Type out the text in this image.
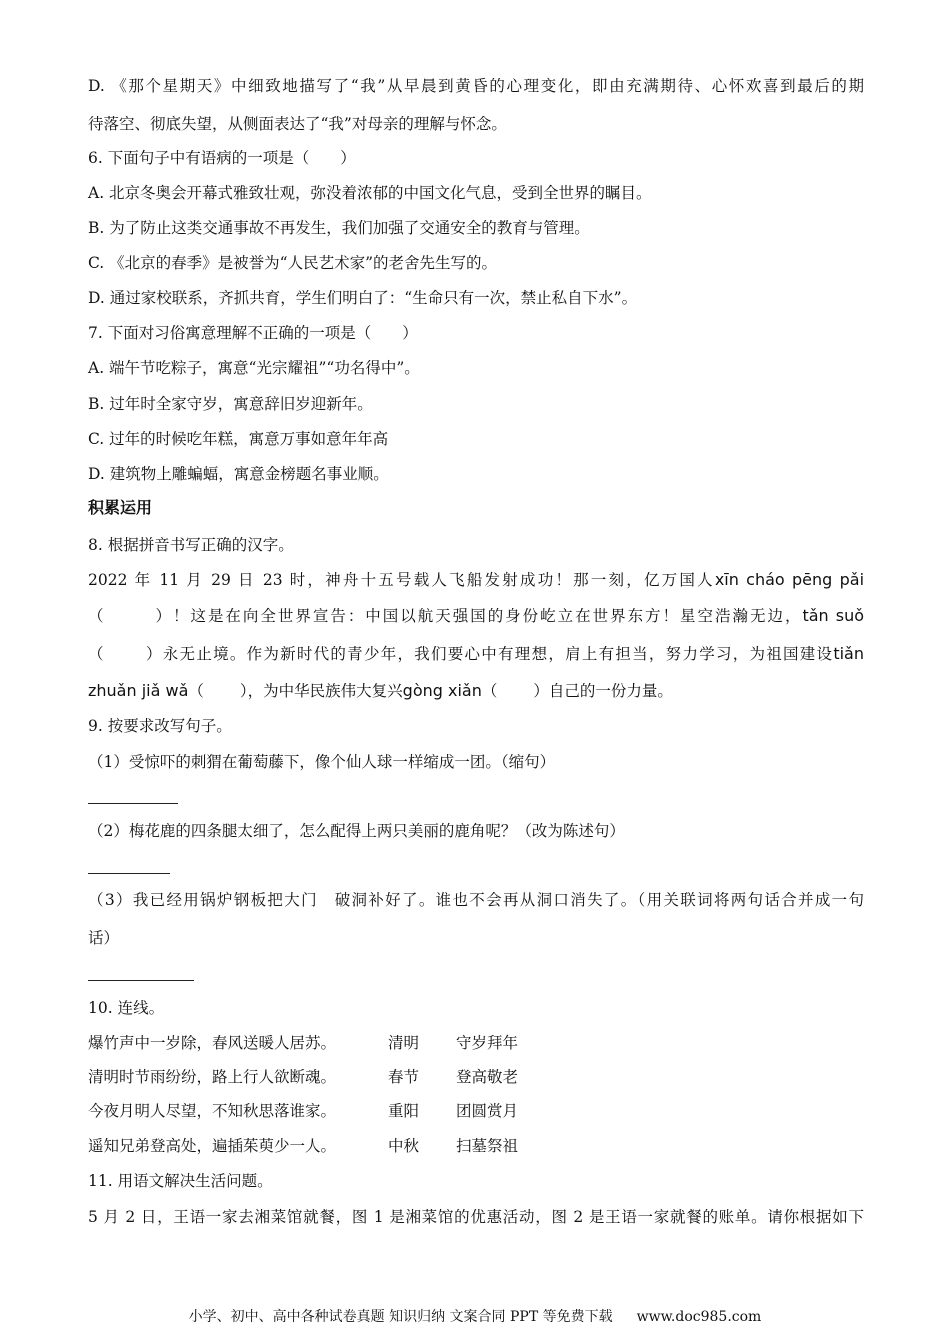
D. 《那个星期天》中细致地描写了“我”从早晨到黄昏的心理变化，即由充满期待、心怀欢喜到最后的期
待落空、彻底失望，从侧面表达了“我”对母亲的理解与怀念。
6. 下面句子中有语病的一项是（　　）
A. 北京冬奥会开幕式雅致壮观，弥没着浓郁的中国文化气息，受到全世界的瞩目。
B. 为了防止这类交通事故不再发生，我们加强了交通安全的教育与管理。
C. 《北京的春季》是被誉为“人民艺术家”的老舍先生写的。
D. 通过家校联系，齐抓共育，学生们明白了：“生命只有一次，禁止私自下水”。
7. 下面对习俗寓意理解不正确的一项是（　　）
A. 端午节吃粽子，寓意“光宗耀祖”“功名得中”。
B. 过年时全家守岁，寓意辞旧岁迎新年。
C. 过年的时候吃年糕，寓意万事如意年年高
D. 建筑物上雕蝙蝠，寓意金榜题名事业顺。
积累运用
8. 根据拼音书写正确的汉字。
2022 年 11 月 29 日 23 时，神舟十五号载人飞船发射成功！那一刻，亿万国人xīn cháo pēng pǎi
（	）！这是在向全世界宣告：中国以航天强国的身份屹立在世界东方！星空浩瀚无边，tǎn suǒ
（	）永无止境。作为新时代的青少年，我们要心中有理想，肩上有担当，努力学习，为祖国建设tiǎn
zhuǎn jiǎ wǎ（ ），为中华民族伟大复兴gòng xiǎn（ ）自己的一份力量。
9. 按要求改写句子。
（1）受惊吓的刺猬在葡萄藤下，像个仙人球一样缩成一团。（缩句）
（2）梅花鹿的四条腿太细了，怎么配得上两只美丽的鹿角呢？（改为陈述句）
（3）我已经用锅炉钢板把大门　破洞补好了。谁也不会再从洞口消失了。（用关联词将两句话合并成一句
话）
10. 连线。
爆竹声中一岁除，春风送暖人居苏。	清明 守岁拜年
清明时节雨纷纷，路上行人欲断魂。	春节 登高敬老
今夜月明人尽望，不知秋思落谁家。	重阳 团圆赏月
遥知兄弟登高处，遍插茱萸少一人。	中秋 扫墓祭祖
11. 用语文解决生活问题。
5 月 2 日，王语一家去湘菜馆就餐，图 1 是湘菜馆的优惠活动，图 2 是王语一家就餐的账单。请你根据如下
小学、初中、高中各种试卷真题 知识归纳 文案合同 PPT 等免费下载 www.doc985.com
